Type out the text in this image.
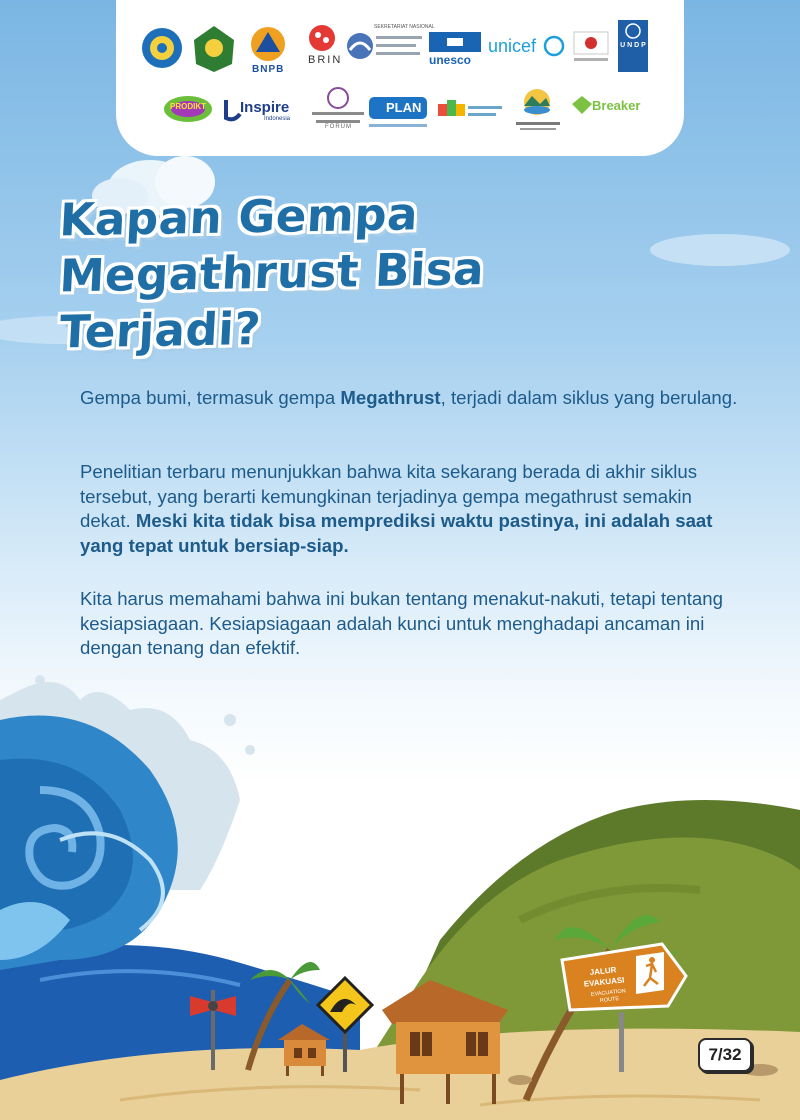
BNPB
BRIN
SEKRETARIAT NASIONAL
unesco
unicef	U N D P
PRODIKT Inspire
Indonesia
FORUM
PLAN	Breaker
Kapan Gempa
Megathrust Bisa
Terjadi?

Gempa bumi, termasuk gempa Megathrust, terjadi dalam siklus yang berulang.

Penelitian terbaru menunjukkan bahwa kita sekarang berada di akhir siklus tersebut, yang berarti kemungkinan terjadinya gempa megathrust semakin dekat. Meski kita tidak bisa memprediksi waktu pastinya, ini adalah saat yang tepat untuk bersiap-siap.

Kita harus memahami bahwa ini bukan tentang menakut-nakuti, tetapi tentang kesiapsiagaan. Kesiapsiagaan adalah kunci untuk menghadapi ancaman ini dengan tenang dan efektif.

JALUR
EVAKUASI
EVACUATION
ROUTE
7/32
